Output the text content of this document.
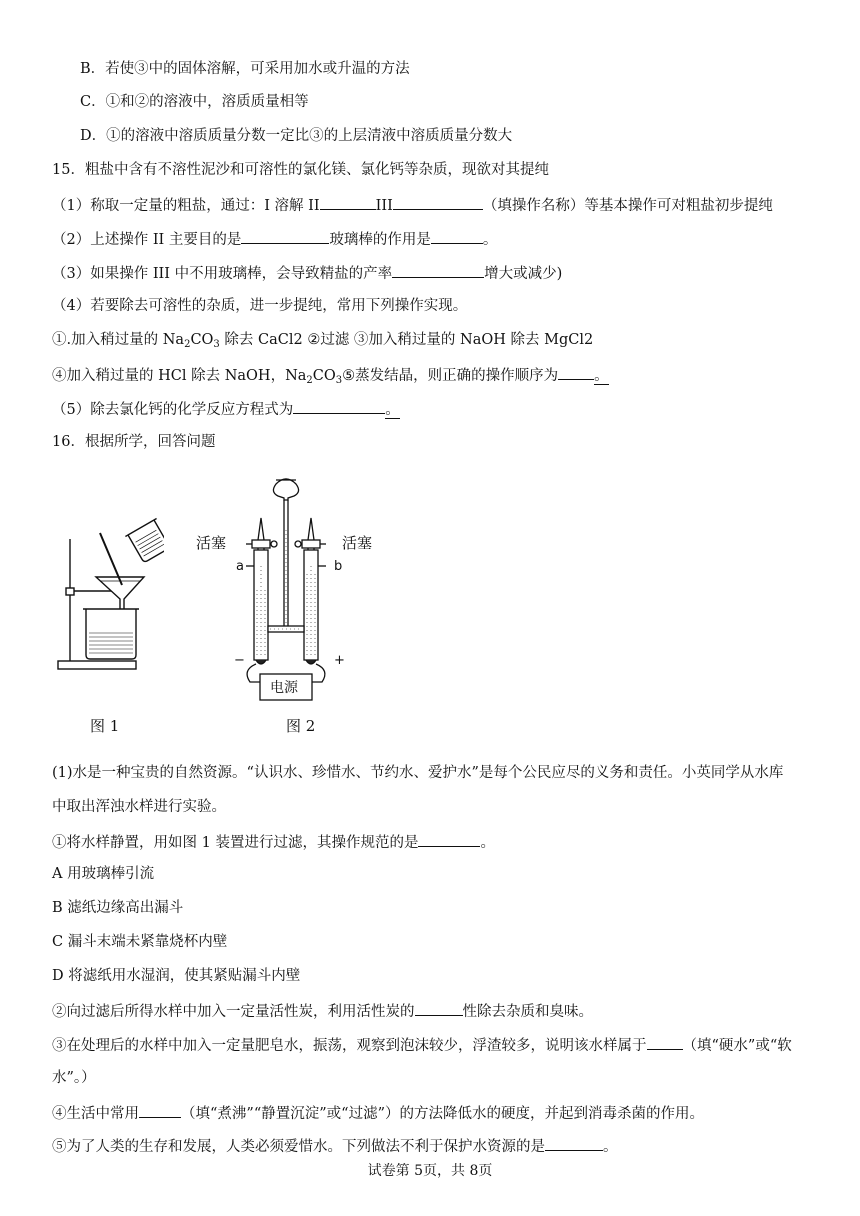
B．若使③中的固体溶解，可采用加水或升温的方法
C．①和②的溶液中，溶质质量相等
D．①的溶液中溶质质量分数一定比③的上层清液中溶质质量分数大
15．粗盐中含有不溶性泥沙和可溶性的氯化镁、氯化钙等杂质，现欲对其提纯
（1）称取一定量的粗盐，通过：I 溶解 II	III	（填操作名称）等基本操作可对粗盐初步提纯
（2）上述操作 II 主要目的是	玻璃棒的作用是	。
（3）如果操作 III 中不用玻璃棒，会导致精盐的产率	增大或减少)
（4）若要除去可溶性的杂质，进一步提纯，常用下列操作实现。
①.加入稍过量的 $Na_2CO_3$ 除去 CaCl2 ②过滤 ③加入稍过量的 NaOH 除去 MgCl2
④加入稍过量的 HCl 除去 NaOH，$Na_2CO_3⑤$蒸发结晶，则正确的操作顺序为 。
（5）除去氯化钙的化学反应方程式为	。
16．根据所学，回答问题
图 1
活塞	活塞
a	b
−	+
电源
图 2
(1)水是一种宝贵的自然资源。“认识水、珍惜水、节约水、爱护水”是每个公民应尽的义务和责任。小英同学从水库
中取出浑浊水样进行实验。
①将水样静置，用如图 1 装置进行过滤，其操作规范的是	。
A 用玻璃棒引流
B 滤纸边缘高出漏斗
C 漏斗末端未紧靠烧杯内壁
D 将滤纸用水湿润，使其紧贴漏斗内壁
②向过滤后所得水样中加入一定量活性炭，利用活性炭的	性除去杂质和臭味。
③在处理后的水样中加入一定量肥皂水，振荡，观察到泡沫较少，浮渣较多，说明该水样属于 （填“硬水”或“软
水”。）
④生活中常用	（填“煮沸”“静置沉淀”或“过滤”）的方法降低水的硬度，并起到消毒杀菌的作用。
⑤为了人类的生存和发展，人类必须爱惜水。下列做法不利于保护水资源的是	。
试卷第 5页，共 8页
